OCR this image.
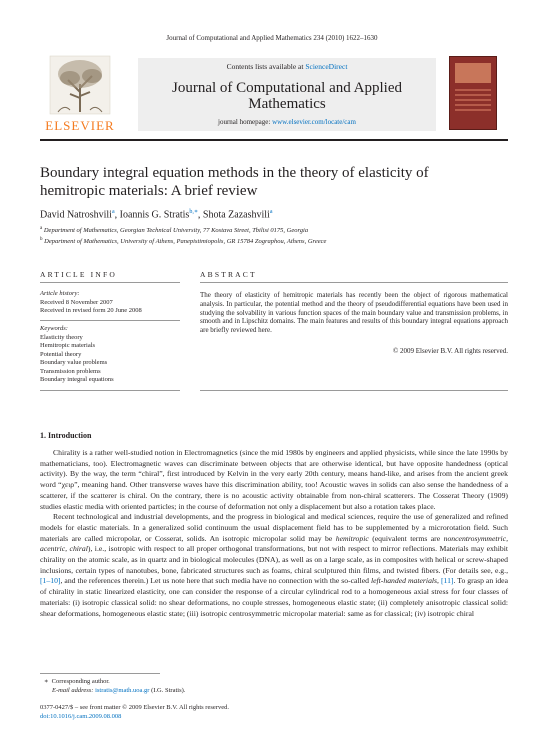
Journal of Computational and Applied Mathematics 234 (2010) 1622–1630
ELSEVIER
Contents lists available at ScienceDirect
Journal of Computational and Applied
Mathematics
journal homepage: www.elsevier.com/locate/cam
Boundary integral equation methods in the theory of elasticity of
hemitropic materials: A brief review
David Natroshvili$^a$, Ioannis G. Stratis$^{b,∗}$, Shota Zazashvili$^a$
$^a$ Department of Mathematics, Georgian Technical University, 77 Kostava Street, Tbilisi 0175, Georgia
$^b$ Department of Mathematics, University of Athens, Panepistimiopolis, GR 15784 Zographou, Athens, Greece
ARTICLE INFO	ABSTRACT
Article history:
Received 8 November 2007
Received in revised form 20 June 2008
Keywords:
Elasticity theory
Hemitropic materials
Potential theory
Boundary value problems
Transmission problems
Boundary integral equations
The theory of elasticity of hemitropic materials has recently been the object of rigorous mathematical analysis. In particular, the potential method and the theory of pseudodifferential equations have been used in studying the solvability in various function spaces of the main boundary value and transmission problems, in smooth and in Lipschitz domains. The main features and results of this boundary integral equations approach are briefly reviewed here.
© 2009 Elsevier B.V. All rights reserved.
1. Introduction

Chirality is a rather well-studied notion in Electromagnetics (since the mid 1980s by engineers and applied physicists, while since the late 1990s by mathematicians, too). Electromagnetic waves can discriminate between objects that are otherwise identical, but have opposite handedness (optical activity). By the way, the term “chiral”, first introduced by Kelvin in the very early 20th century, means hand-like, and arises from the ancient greek word “χειρ”, meaning hand. Other transverse waves have this discrimination ability, too! Acoustic waves in solids can also sense the handedness of a scatterer, if the scatterer is chiral. On the contrary, there is no acoustic activity obtainable from non-chiral scatterers. The Cosserat Theory (1909) studies elastic media with oriented particles; in the course of deformation not only a displacement but also a rotation takes place.

Recent technological and industrial developments, and the progress in biological and medical sciences, require the use of generalized and refined models for elastic materials. In a generalized solid continuum the usual displacement field has to be supplemented by a microrotation field. Such materials are called micropolar, or Cosserat, solids. An isotropic micropolar solid may be hemitropic (equivalent terms are noncentrosymmetric, acentric, chiral), i.e., isotropic with respect to all proper orthogonal transformations, but not with respect to mirror reflections. Materials may exhibit chirality on the atomic scale, as in quartz and in biological molecules (DNA), as well as on a large scale, as in composites with helical or screw-shaped inclusions, certain types of nanotubes, bone, fabricated structures such as foams, chiral sculptured thin films, and twisted fibers. (For details see, e.g., [1–10], and the references therein.) Let us note here that such media have no connection with the so-called left-handed materials, [11]. To grasp an idea of chirality in static linearized elasticity, one can consider the response of a circular cylindrical rod to a homogeneous axial stress for four classes of materials: (i) isotropic classical solid: no shear deformations, no couple stresses, homogeneous elastic state; (ii) completely anisotropic classical solid: shear deformations, homogeneous elastic state; (iii) isotropic centrosymmetric micropolar material: same as for classical; (iv) isotropic chiral

∗ Corresponding author.
E-mail address: istratis@math.uoa.gr (I.G. Stratis).
0377-0427/$ – see front matter © 2009 Elsevier B.V. All rights reserved.
doi:10.1016/j.cam.2009.08.008
